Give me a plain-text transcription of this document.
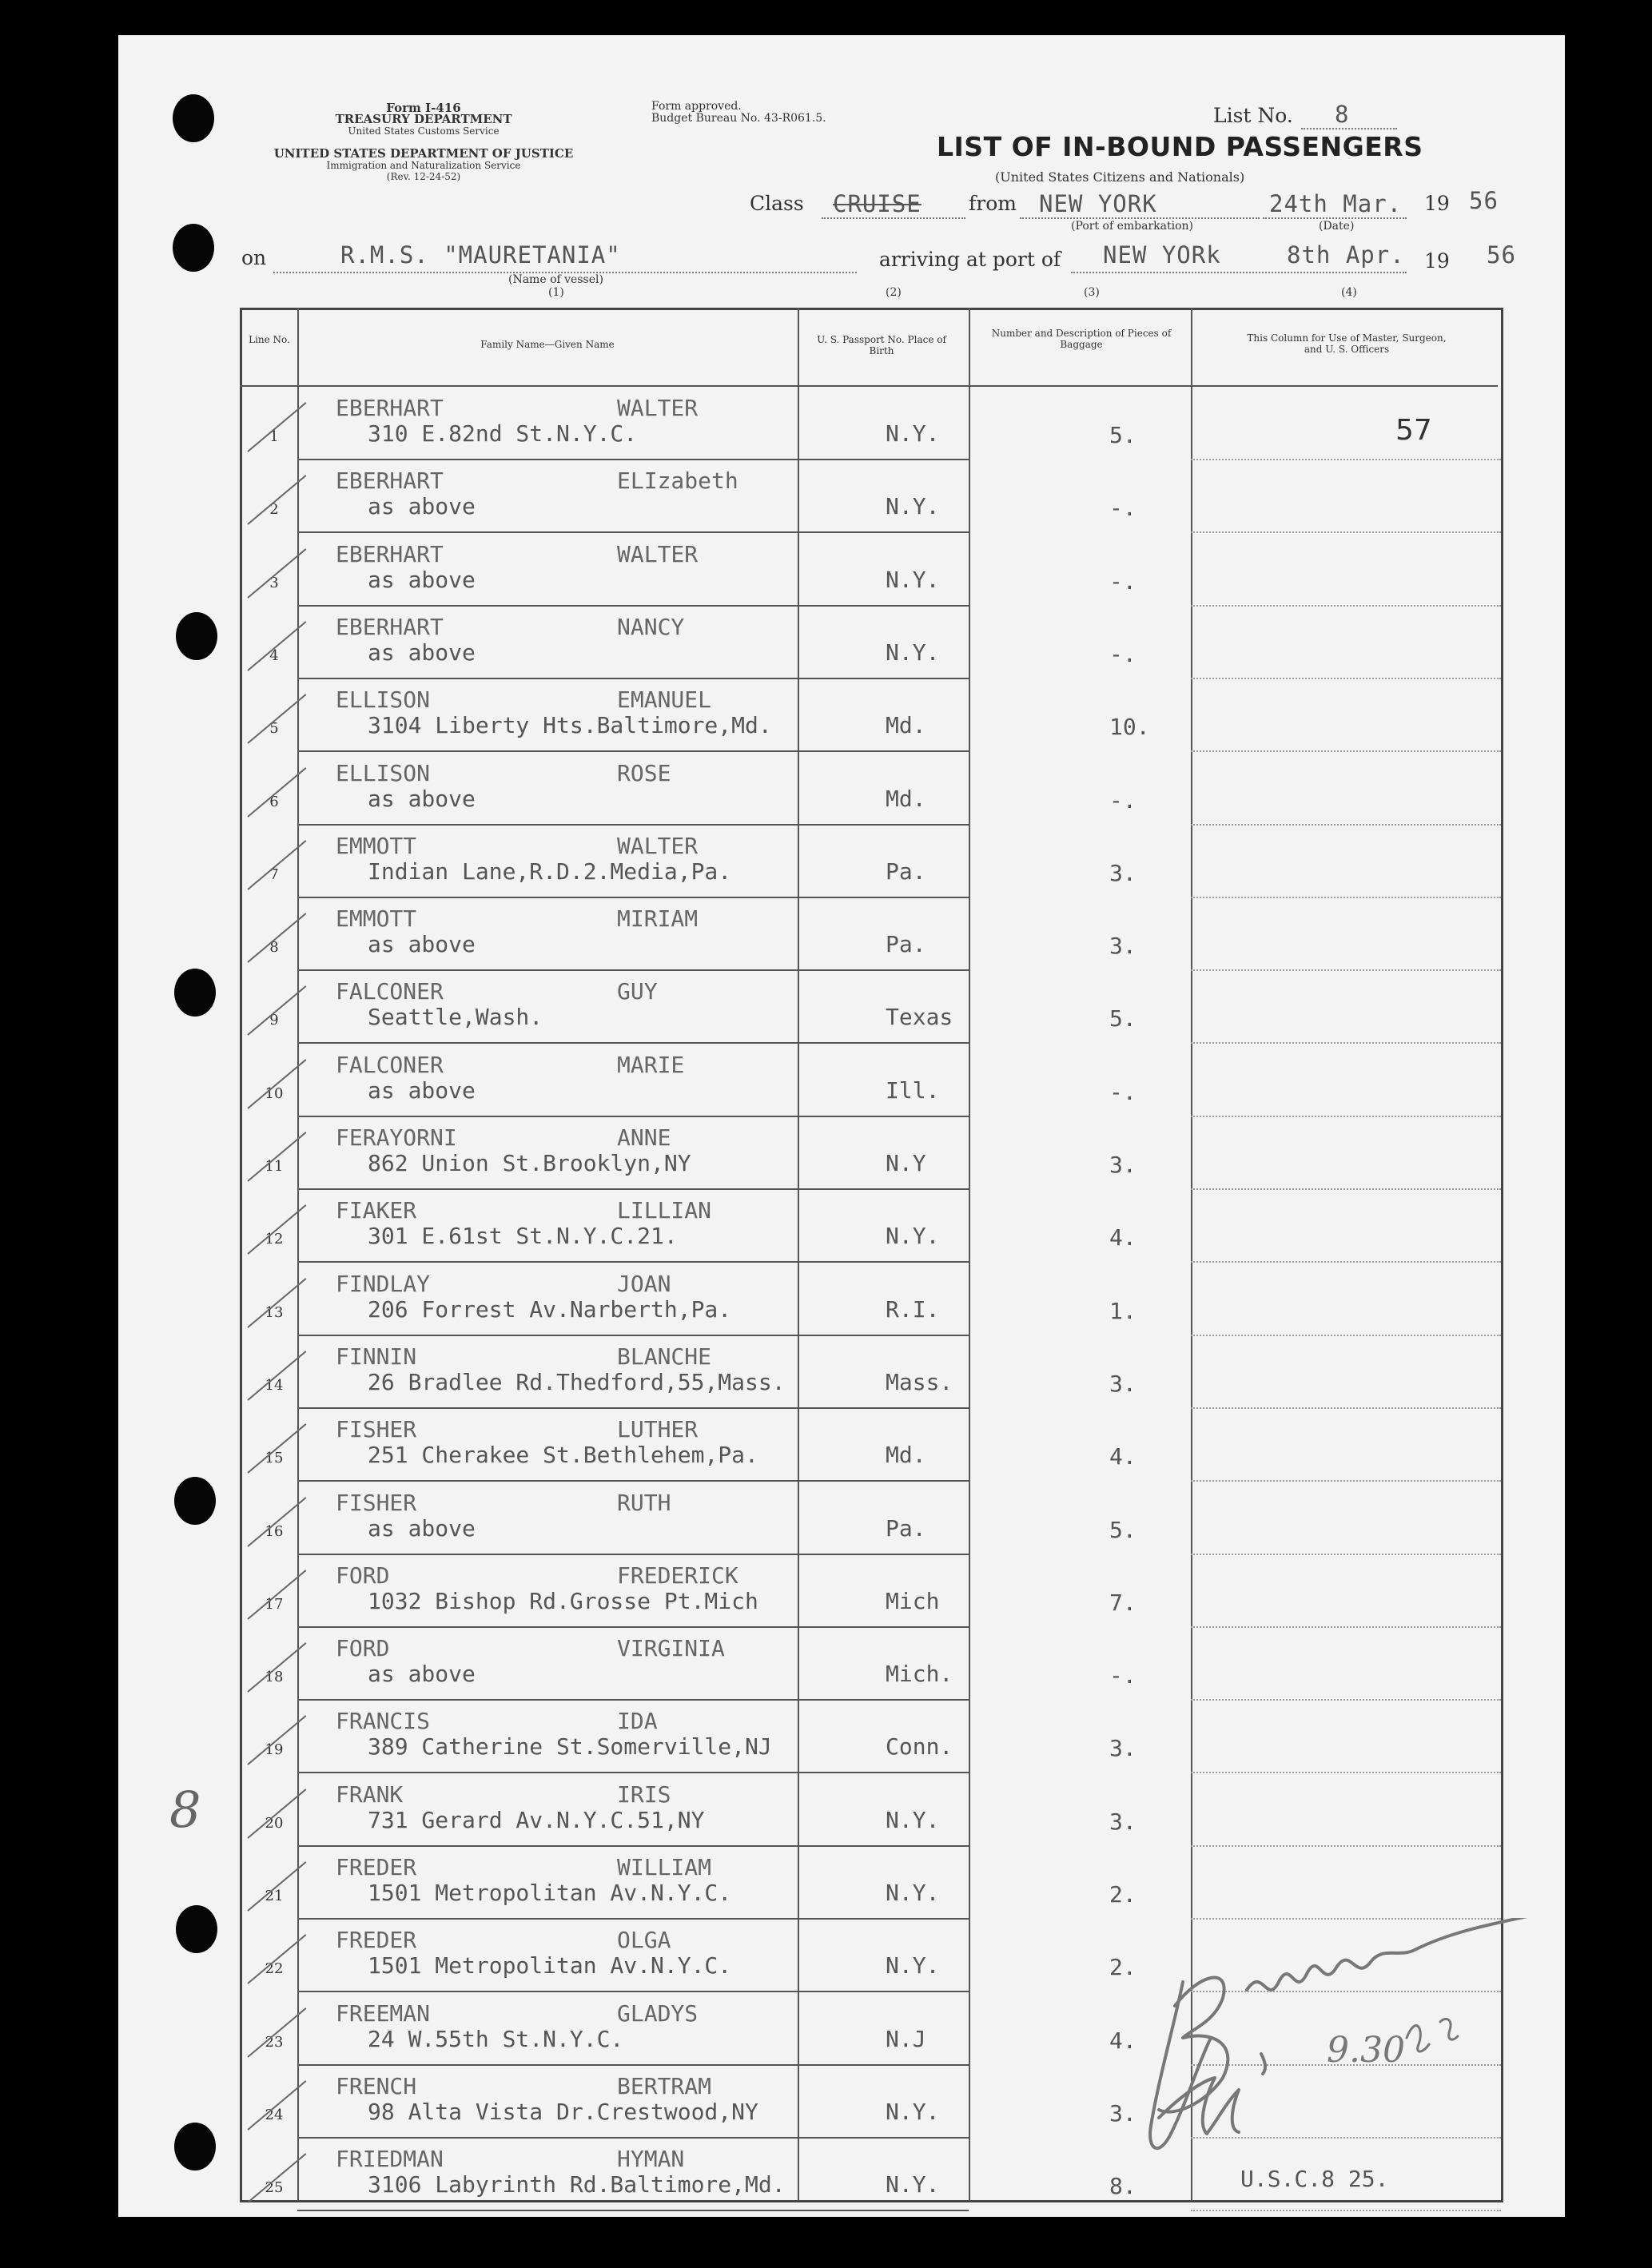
Form I-416
TREASURY DEPARTMENT
United States Customs Service
UNITED STATES DEPARTMENT OF JUSTICE
Immigration and Naturalization Service
(Rev. 12-24-52)
Form approved.
Budget Bureau No. 43-R061.5.	List No. 8
LIST OF IN-BOUND PASSENGERS
(United States Citizens and Nationals)
Class CRUISE from NEW YORK
(Port of embarkation)
24th Mar.
(Date)
19 56
on	R.M.S. "MAURETANIA"
(Name of vessel)
(1)
arriving at port of NEW YORk	8th Apr. 19 56
(2)	(3)	(4)
Line No.	Family Name—Given Name	U. S. Passport No. Place of Birth
Number and Description of Pieces of Baggage
This Column for Use of Master, Surgeon, and U. S. Officers
1
EBERHART	WALTER
310 E.82nd St.N.Y.C.	N.Y.	5.
2
EBERHART	ELIzabeth
as above	N.Y.	-.
3
EBERHART	WALTER
as above	N.Y.	-.
4
EBERHART	NANCY
as above	N.Y.	-.
5
ELLISON	EMANUEL
3104 Liberty Hts.Baltimore,Md.	Md.	10.
6
ELLISON	ROSE
as above	Md.	-.
7
EMMOTT	WALTER
Indian Lane,R.D.2.Media,Pa.	Pa.	3.
8
EMMOTT	MIRIAM
as above	Pa.	3.
9
FALCONER	GUY
Seattle,Wash.	Texas	5.
10
FALCONER	MARIE
as above	Ill.	-.
11
FERAYORNI	ANNE
862 Union St.Brooklyn,NY	N.Y	3.
12
FIAKER	LILLIAN
301 E.61st St.N.Y.C.21.	N.Y.	4.
13
FINDLAY	JOAN
206 Forrest Av.Narberth,Pa.	R.I.	1.
14
FINNIN	BLANCHE
26 Bradlee Rd.Thedford,55,Mass.	Mass.	3.
15
FISHER	LUTHER
251 Cherakee St.Bethlehem,Pa.	Md.	4.
16
FISHER	RUTH
as above	Pa.	5.
17
FORD	FREDERICK
1032 Bishop Rd.Grosse Pt.Mich	Mich	7.
18
FORD	VIRGINIA
as above	Mich.	-.
19
FRANCIS	IDA
389 Catherine St.Somerville,NJ	Conn.	3.
20
FRANK	IRIS
731 Gerard Av.N.Y.C.51,NY	N.Y.	3.
21
FREDER	WILLIAM
1501 Metropolitan Av.N.Y.C.	N.Y.	2.
22
FREDER	OLGA
1501 Metropolitan Av.N.Y.C.	N.Y.	2.
23
FREEMAN	GLADYS
24 W.55th St.N.Y.C.	N.J	4.
24
FRENCH	BERTRAM
98 Alta Vista Dr.Crestwood,NY	N.Y.	3.
25
FRIEDMAN	HYMAN
3106 Labyrinth Rd.Baltimore,Md.	N.Y.	8.
57
8
U.S.C.8 25.
9.30
